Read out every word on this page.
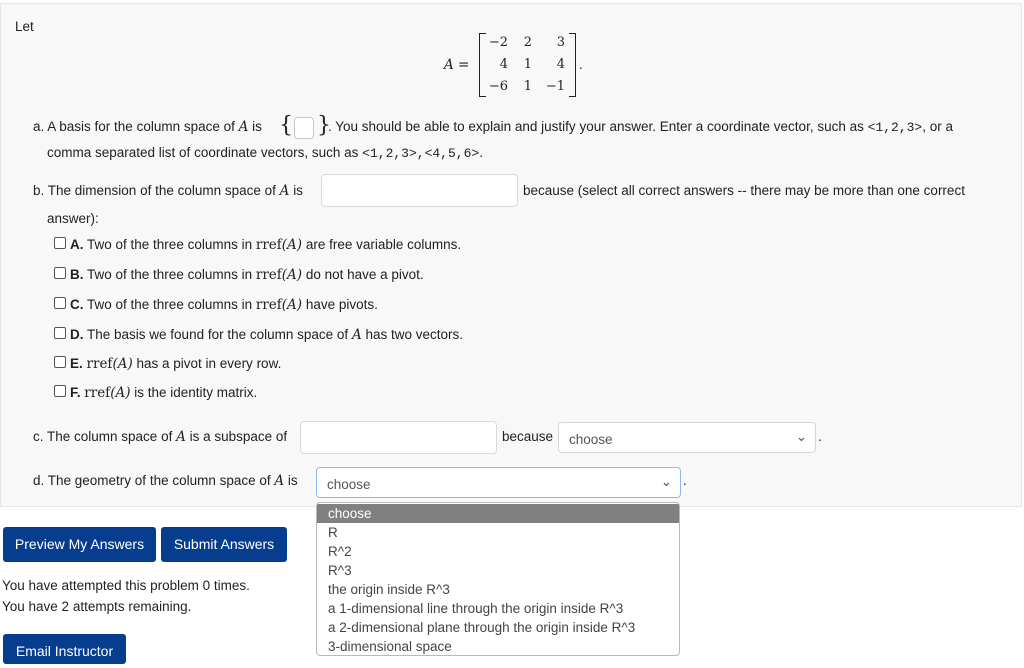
Let
A =
−2	2	3
4	1	4
−6	1	−1
.
a. A basis for the column space of A is { }
. You should be able to explain and justify your answer. Enter a coordinate vector, such as <1,2,3>, or a
comma separated list of coordinate vectors, such as <1,2,3>,<4,5,6>.
b. The dimension of the column space of A is	because (select all correct answers -- there may be more than one correct
answer):
A. Two of the three columns in rref(A) are free variable columns.
B. Two of the three columns in rref(A) do not have a pivot.
C. Two of the three columns in rref(A) have pivots.
D. The basis we found for the column space of A has two vectors.
E. rref(A) has a pivot in every row.
F. rref(A) is the identity matrix.
c. The column space of A is a subspace of	because choose	⌄ .
d. The geometry of the column space of A is choose	⌄ .
Preview My Answers	Submit Answers
You have attempted this problem 0 times.
You have 2 attempts remaining.
Email Instructor
choose
R
R^2
R^3
the origin inside R^3
a 1-dimensional line through the origin inside R^3
a 2-dimensional plane through the origin inside R^3
3-dimensional space
